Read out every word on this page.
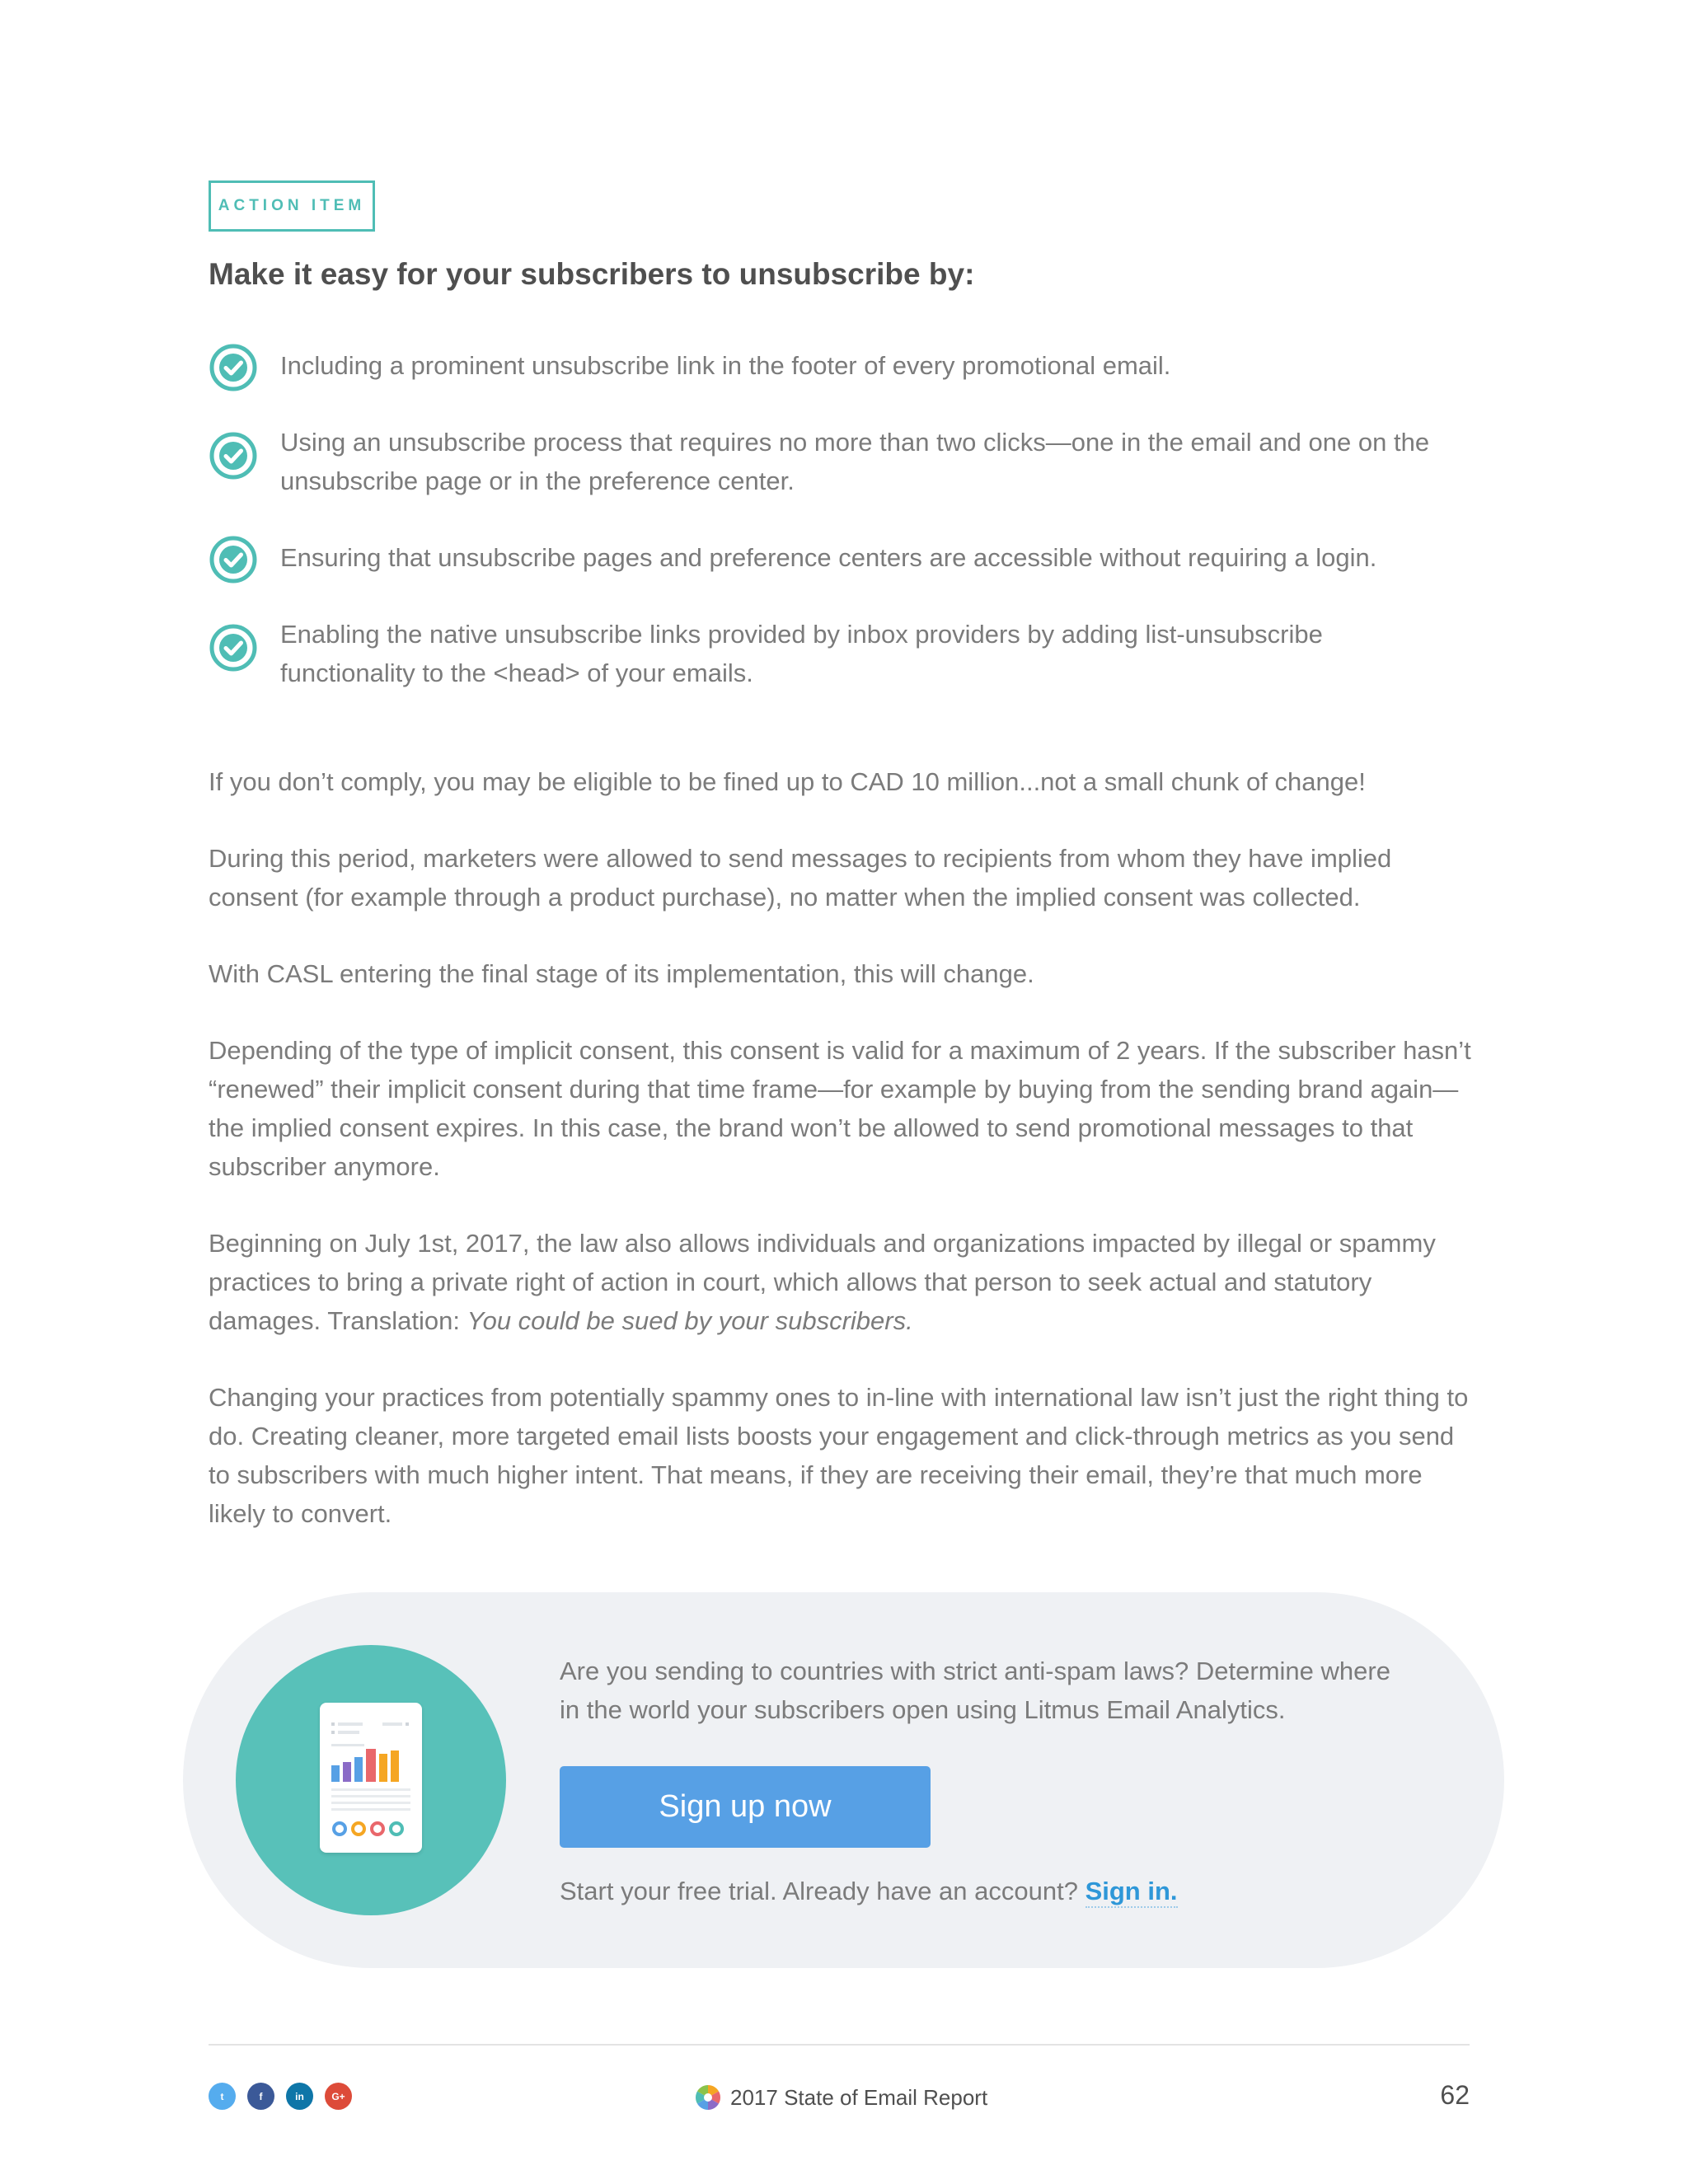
ACTION ITEM
Make it easy for your subscribers to unsubscribe by:
Including a prominent unsubscribe link in the footer of every promotional email.
Using an unsubscribe process that requires no more than two clicks—one in the email and one on the unsubscribe page or in the preference center.
Ensuring that unsubscribe pages and preference centers are accessible without requiring a login.
Enabling the native unsubscribe links provided by inbox providers by adding list-unsubscribe functionality to the <head> of your emails.

If you don’t comply, you may be eligible to be fined up to CAD 10 million...not a small chunk of change!

During this period, marketers were allowed to send messages to recipients from whom they have implied consent (for example through a product purchase), no matter when the implied consent was collected.

With CASL entering the final stage of its implementation, this will change.

Depending of the type of implicit consent, this consent is valid for a maximum of 2 years. If the subscriber hasn’t “renewed” their implicit consent during that time frame—for example by buying from the sending brand again—the implied consent expires. In this case, the brand won’t be allowed to send promotional messages to that subscriber anymore.

Beginning on July 1st, 2017, the law also allows individuals and organizations impacted by illegal or spammy practices to bring a private right of action in court, which allows that person to seek actual and statutory damages. Translation: You could be sued by your subscribers.

Changing your practices from potentially spammy ones to in-line with international law isn’t just the right thing to do. Creating cleaner, more targeted email lists boosts your engagement and click-through metrics as you send to subscribers with much higher intent. That means, if they are receiving their email, they’re that much more likely to convert.

Are you sending to countries with strict anti-spam laws? Determine where in the world your subscribers open using Litmus Email Analytics.

Sign up now

Start your free trial. Already have an account? Sign in.

t	f	in	G+	2017 State of Email Report	62
